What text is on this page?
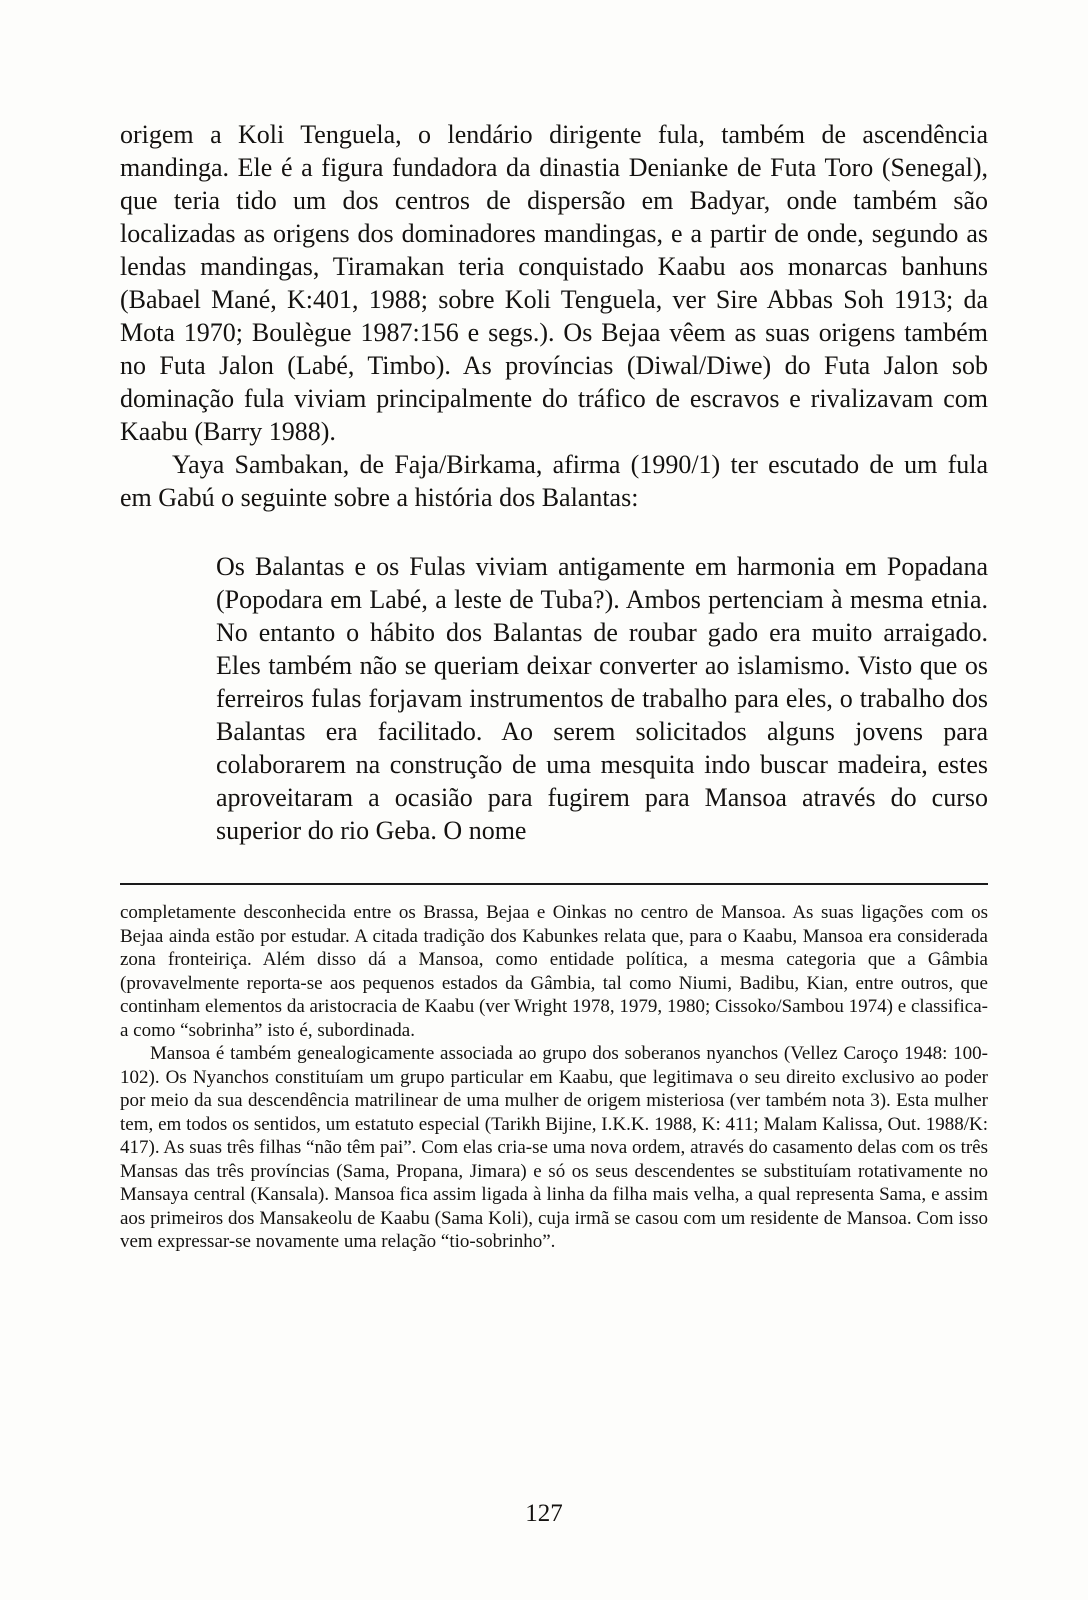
origem a Koli Tenguela, o lendário dirigente fula, também de ascendência mandinga. Ele é a figura fundadora da dinastia Denianke de Futa Toro (Senegal), que teria tido um dos centros de dispersão em Badyar, onde também são localizadas as origens dos dominadores mandingas, e a partir de onde, segundo as lendas mandingas, Tiramakan teria conquistado Kaabu aos monarcas banhuns (Babael Mané, K:401, 1988; sobre Koli Tenguela, ver Sire Abbas Soh 1913; da Mota 1970; Boulègue 1987:156 e segs.). Os Bejaa vêem as suas origens também no Futa Jalon (Labé, Timbo). As províncias (Diwal/Diwe) do Futa Jalon sob dominação fula viviam principalmente do tráfico de escravos e rivalizavam com Kaabu (Barry 1988).

Yaya Sambakan, de Faja/Birkama, afirma (1990/1) ter escutado de um fula em Gabú o seguinte sobre a história dos Balantas:

Os Balantas e os Fulas viviam antigamente em harmonia em Popadana (Popodara em Labé, a leste de Tuba?). Ambos pertenciam à mesma etnia. No entanto o hábito dos Balantas de roubar gado era muito arraigado. Eles também não se queriam deixar converter ao islamismo. Visto que os ferreiros fulas forjavam instrumentos de trabalho para eles, o trabalho dos Balantas era facilitado. Ao serem solicitados alguns jovens para colaborarem na construção de uma mesquita indo buscar madeira, estes aproveitaram a ocasião para fugirem para Mansoa através do curso superior do rio Geba. O nome

completamente desconhecida entre os Brassa, Bejaa e Oinkas no centro de Mansoa. As suas ligações com os Bejaa ainda estão por estudar. A citada tradição dos Kabunkes relata que, para o Kaabu, Mansoa era considerada zona fronteiriça. Além disso dá a Mansoa, como entidade política, a mesma categoria que a Gâmbia (provavelmente reporta-se aos pequenos estados da Gâmbia, tal como Niumi, Badibu, Kian, entre outros, que continham elementos da aristocracia de Kaabu (ver Wright 1978, 1979, 1980; Cissoko/Sambou 1974) e classifica-a como “sobrinha” isto é, subordinada.

Mansoa é também genealogicamente associada ao grupo dos soberanos nyanchos (Vellez Caroço 1948: 100-102). Os Nyanchos constituíam um grupo particular em Kaabu, que legitimava o seu direito exclusivo ao poder por meio da sua descendência matrilinear de uma mulher de origem misteriosa (ver também nota 3). Esta mulher tem, em todos os sentidos, um estatuto especial (Tarikh Bijine, I.K.K. 1988, K: 411; Malam Kalissa, Out. 1988/K: 417). As suas três filhas “não têm pai”. Com elas cria-se uma nova ordem, através do casamento delas com os três Mansas das três províncias (Sama, Propana, Jimara) e só os seus descendentes se substituíam rotativamente no Mansaya central (Kansala). Mansoa fica assim ligada à linha da filha mais velha, a qual representa Sama, e assim aos primeiros dos Mansakeolu de Kaabu (Sama Koli), cuja irmã se casou com um residente de Mansoa. Com isso vem expressar-se novamente uma relação “tio-sobrinho”.

127
